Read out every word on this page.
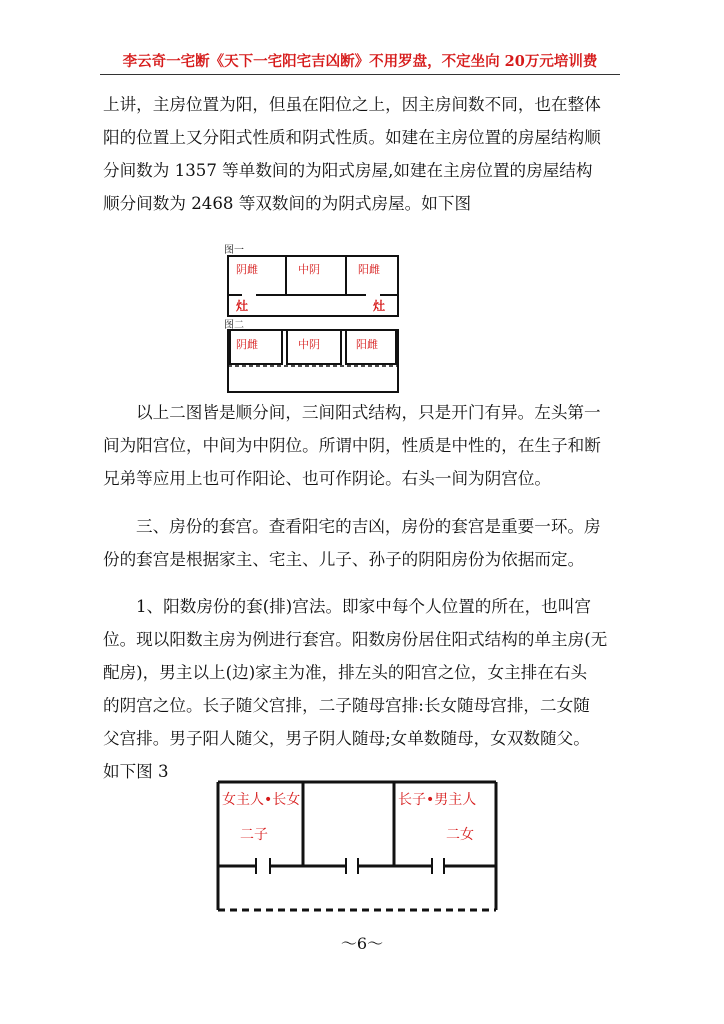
李云奇一宅断《天下一宅阳宅吉凶断》不用罗盘，不定坐向 20万元培训费
上讲，主房位置为阳，但虽在阳位之上，因主房间数不同，也在整体
阳的位置上又分阳式性质和阴式性质。如建在主房位置的房屋结构顺
分间数为 1357 等单数间的为阳式房屋,如建在主房位置的房屋结构
顺分间数为 2468 等双数间的为阴式房屋。如下图
图一
阴雌	中阴	阳雌
灶	灶
图二
阴雌	中阴	阳雌
以上二图皆是顺分间，三间阳式结构，只是开门有异。左头第一
间为阳宫位，中间为中阴位。所谓中阴，性质是中性的，在生子和断
兄弟等应用上也可作阳论、也可作阴论。右头一间为阴宫位。
三、房份的套宫。查看阳宅的吉凶，房份的套宫是重要一环。房
份的套宫是根据家主、宅主、儿子、孙子的阴阳房份为依据而定。
1、阳数房份的套(排)宫法。即家中每个人位置的所在，也叫宫
位。现以阳数主房为例进行套宫。阳数房份居住阳式结构的单主房(无
配房)，男主以上(边)家主为准，排左头的阳宫之位，女主排在右头
的阴宫之位。长子随父宫排，二子随母宫排:长女随母宫排，二女随
父宫排。男子阳人随父，男子阴人随母;女单数随母，女双数随父。
如下图 3
女主人•长女
二子
长子•男主人
二女
～6～
